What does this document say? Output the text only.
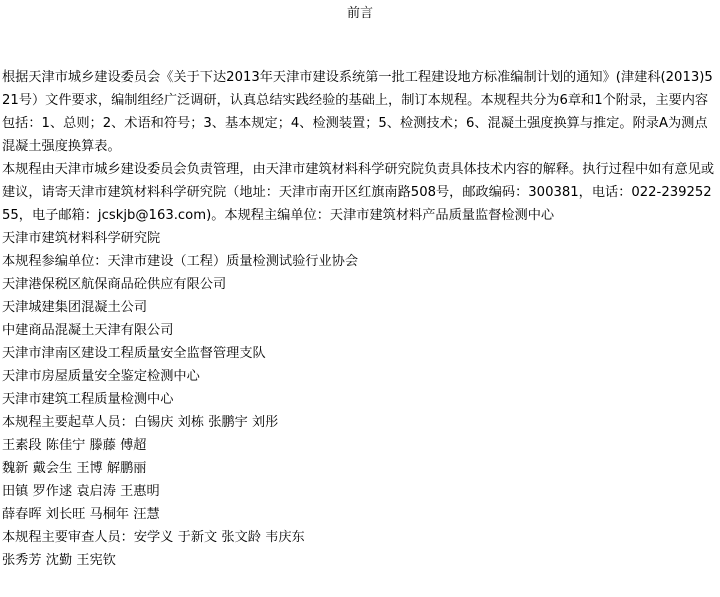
前言

根据天津市城乡建设委员会《关于下达2013年天津市建设系统第一批工程建设地方标准编制计划的通知》(津建科(2013)521号）文件要求，编制组经广泛调研，认真总结实践经验的基础上，制订本规程。本规程共分为6章和1个附录，主要内容包括：1、总则；2、术语和符号；3、基本规定；4、检测装置；5、检测技术；6、混凝土强度换算与推定。附录A为测点混凝土强度换算表。

本规程由天津市城乡建设委员会负责管理，由天津市建筑材料科学研究院负责具体技术内容的解释。执行过程中如有意见或建议，请寄天津市建筑材料科学研究院（地址：天津市南开区红旗南路508号，邮政编码：300381，电话：022-23925255，电子邮箱：jcskjb@163.com)。本规程主编单位：天津市建筑材料产品质量监督检测中心

天津市建筑材料科学研究院
本规程参编单位：天津市建设（工程）质量检测试验行业协会
天津港保税区航保商品砼供应有限公司
天津城建集团混凝土公司
中建商品混凝土天津有限公司
天津市津南区建设工程质量安全监督管理支队
天津市房屋质量安全鉴定检测中心
天津市建筑工程质量检测中心
本规程主要起草人员：白锡庆 刘栋 张鹏宇 刘彤
王素段 陈佳宁 滕藤 傅超
魏新 戴会生 王博 解鹏丽
田镇 罗作逑 袁启涛 王惠明
薛春晖 刘长旺 马桐年 汪慧
本规程主要审查人员：安学义 于新文 张文龄 韦庆东
张秀芳 沈勤 王宪钦
